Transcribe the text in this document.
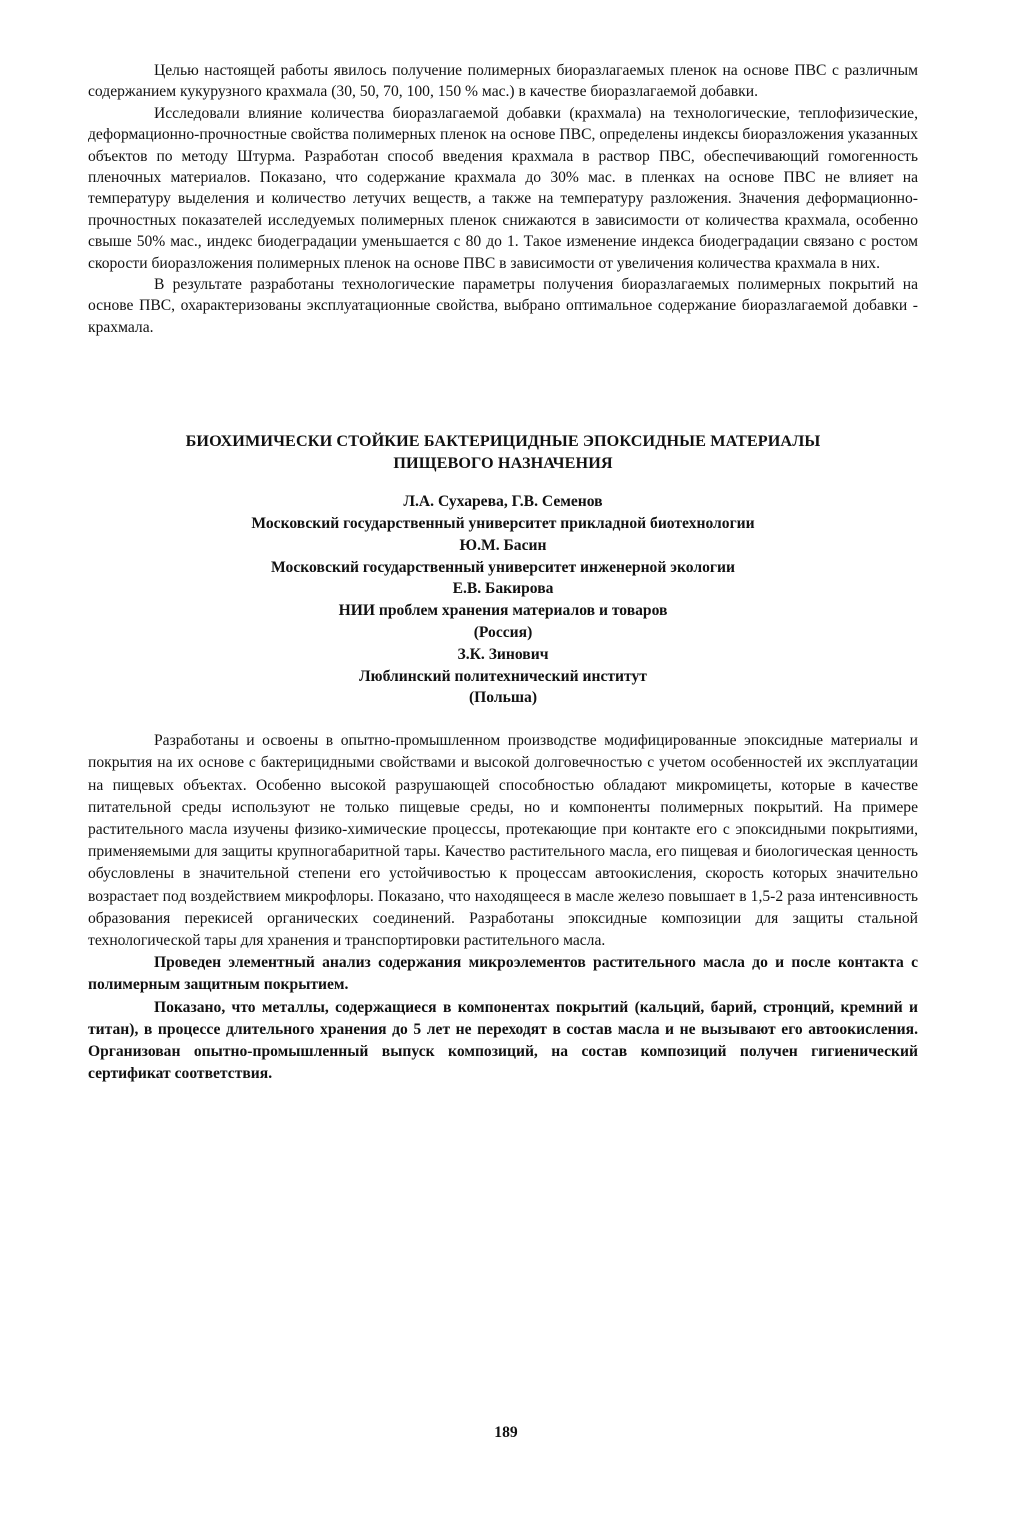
Целью настоящей работы явилось получение полимерных биоразлагаемых пленок на основе ПВС с различным содержанием кукурузного крахмала (30, 50, 70, 100, 150 % мас.) в качестве биоразлагаемой добавки.

Исследовали влияние количества биоразлагаемой добавки (крахмала) на технологические, теплофизические, деформационно-прочностные свойства полимерных пленок на основе ПВС, определены индексы биоразложения указанных объектов по методу Штурма. Разработан способ введения крахмала в раствор ПВС, обеспечивающий гомогенность пленочных материалов. Показано, что содержание крахмала до 30% мас. в пленках на основе ПВС не влияет на температуру выделения и количество летучих веществ, а также на температуру разложения. Значения деформационно-прочностных показателей исследуемых полимерных пленок снижаются в зависимости от количества крахмала, особенно свыше 50% мас., индекс биодеградации уменьшается с 80 до 1. Такое изменение индекса биодеградации связано с ростом скорости биоразложения полимерных пленок на основе ПВС в зависимости от увеличения количества крахмала в них.

В результате разработаны технологические параметры получения биоразлагаемых полимерных покрытий на основе ПВС, охарактеризованы эксплуатационные свойства, выбрано оптимальное содержание биоразлагаемой добавки - крахмала.

БИОХИМИЧЕСКИ СТОЙКИЕ БАКТЕРИЦИДНЫЕ ЭПОКСИДНЫЕ МАТЕРИАЛЫ
ПИЩЕВОГО НАЗНАЧЕНИЯ
Л.А. Сухарева, Г.В. Семенов
Московский государственный университет прикладной биотехнологии
Ю.М. Басин
Московский государственный университет инженерной экологии
Е.В. Бакирова
НИИ проблем хранения материалов и товаров
(Россия)
З.К. Зинович
Люблинский политехнический институт
(Польша)

Разработаны и освоены в опытно-промышленном производстве модифицированные эпоксидные материалы и покрытия на их основе с бактерицидными свойствами и высокой долговечностью с учетом особенностей их эксплуатации на пищевых объектах. Особенно высокой разрушающей способностью обладают микромицеты, которые в качестве питательной среды используют не только пищевые среды, но и компоненты полимерных покрытий. На примере растительного масла изучены физико-химические процессы, протекающие при контакте его с эпоксидными покрытиями, применяемыми для защиты крупногабаритной тары. Качество растительного масла, его пищевая и биологическая ценность обусловлены в значительной степени его устойчивостью к процессам автоокисления, скорость которых значительно возрастает под воздействием микрофлоры. Показано, что находящееся в масле железо повышает в 1,5-2 раза интенсивность образования перекисей органических соединений. Разработаны эпоксидные композиции для защиты стальной технологической тары для хранения и транспортировки растительного масла.

Проведен элементный анализ содержания микроэлементов растительного масла до и после контакта с полимерным защитным покрытием.

Показано, что металлы, содержащиеся в компонентах покрытий (кальций, барий, стронций, кремний и титан), в процессе длительного хранения до 5 лет не переходят в состав масла и не вызывают его автоокисления. Организован опытно-промышленный выпуск композиций, на состав композиций получен гигиенический сертификат соответствия.

189
